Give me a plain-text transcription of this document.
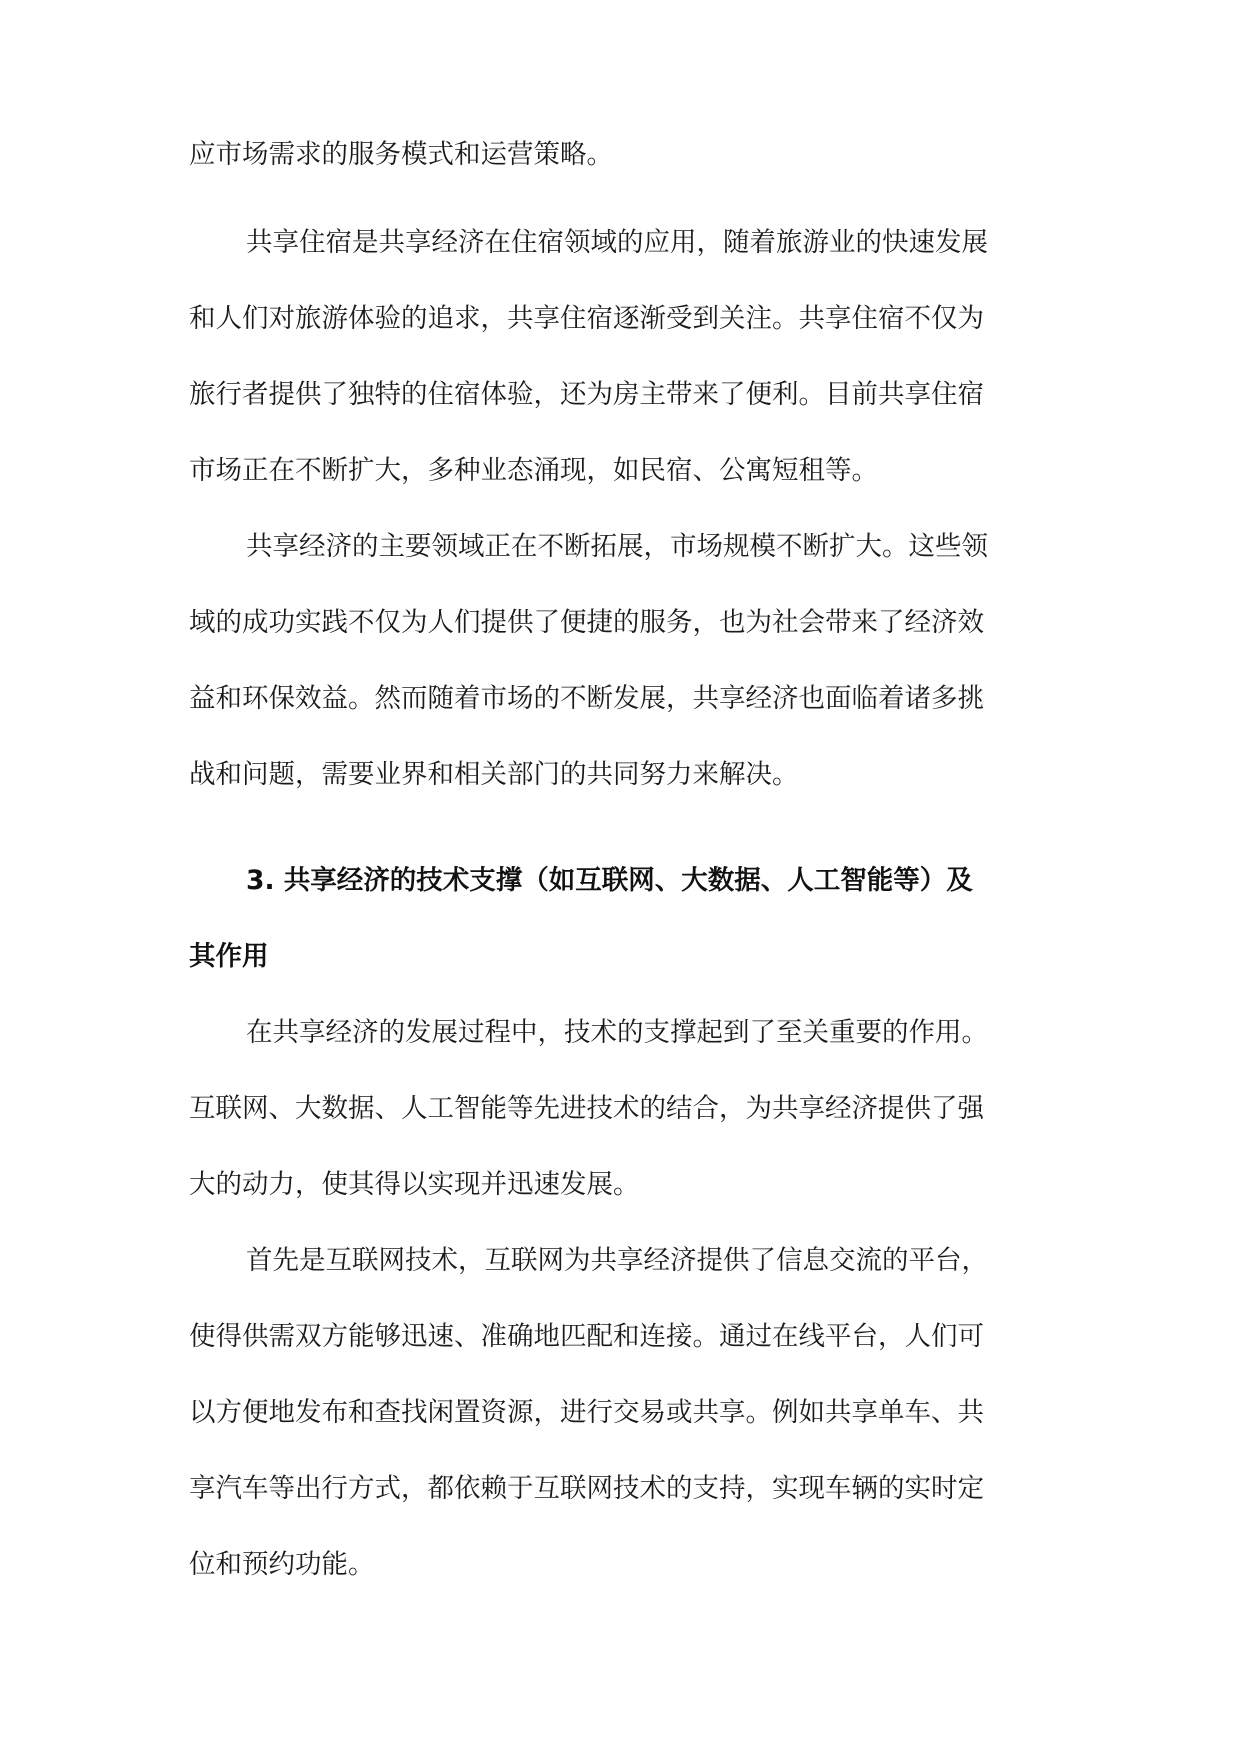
应市场需求的服务模式和运营策略。

共享住宿是共享经济在住宿领域的应用，随着旅游业的快速发展

和人们对旅游体验的追求，共享住宿逐渐受到关注。共享住宿不仅为

旅行者提供了独特的住宿体验，还为房主带来了便利。目前共享住宿

市场正在不断扩大，多种业态涌现，如民宿、公寓短租等。

共享经济的主要领域正在不断拓展，市场规模不断扩大。这些领

域的成功实践不仅为人们提供了便捷的服务，也为社会带来了经济效

益和环保效益。然而随着市场的不断发展，共享经济也面临着诸多挑

战和问题，需要业界和相关部门的共同努力来解决。

3. 共享经济的技术支撑（如互联网、大数据、人工智能等）及

其作用

在共享经济的发展过程中，技术的支撑起到了至关重要的作用。

互联网、大数据、人工智能等先进技术的结合，为共享经济提供了强

大的动力，使其得以实现并迅速发展。

首先是互联网技术，互联网为共享经济提供了信息交流的平台，

使得供需双方能够迅速、准确地匹配和连接。通过在线平台，人们可

以方便地发布和查找闲置资源，进行交易或共享。例如共享单车、共

享汽车等出行方式，都依赖于互联网技术的支持，实现车辆的实时定

位和预约功能。
